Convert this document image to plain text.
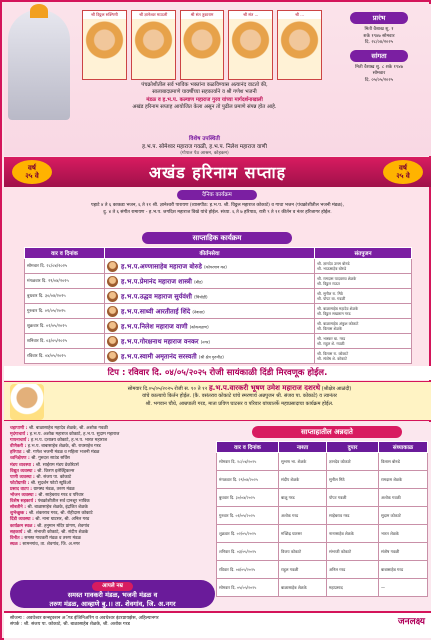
श्री विठ्ठल रुक्मिणी	श्री ज्ञानेश्वर माऊली	श्री संत तुकाराम	श्री संत ...	श्री ...
पंचक्रोशीतील सर्व भाविक भक्तांना कळविण्यास अत्यानंद वाटतो की,
सालाबादप्रमाणे यावर्षीच्या सहकार्याने व श्री गणेश भजनी
मंडळ व ह.भ.प. कल्याण महाराज गुरव यांच्या मार्गदर्शनाखाली
अखंड हरिनाम सप्ताह आयोजित केला असून तो पुढील प्रमाणे संपन्न होत आहे.
प्रारंभ
मिती वैशाख शु. १
शके १९४७ सोमवार
दि. २८/०४/२०२५
सांगता
मिती वैशाख शु. ८ शके १९४७
सोमवार
दि. ०५/०५/२०२५
विशेष उपस्थिती
ह.भ.प. सोमेश्वर महाराज गवळी, ह.भ.प. निलेश महाराज वाणी
(गोपाल पेठ आश्रम, कोहकम)
वर्ष
२५ वे	अखंड हरिनाम सप्ताह	वर्ष
२५ वे
दैनिक कार्यक्रम
पहाटे ४ ते ६ काकडा भजन, ६ ते ११ श्री. ज्ञानेश्वरी पारायण (व्यासपीठ: ह.भ.प. श्री. विठ्ठल महाराज कोकाटे) व गाथा भजन (पंचक्रोशीतील भजनी मंडळ),
दु. ४ ते ६ संगीत रामायण - ह.भ.प. जगदिश महाराज विखे यांचे होईल. संध्या. ६ ते ७ हरिपाठ, रात्री ९ ते ११ कीर्तन व नंतर हरिजागर होईल.
साप्ताहिक कार्यक्रम
वार व दिनांक	कीर्तनसेवा	संतपुजन
सोमवार दि. २८/०४/२०२५	ह.भ.प.अण्णासाहेब महाराज बोरुडे (कोपरगाव कर)	श्री. ज्ञानदेव उत्तम बोरुडे
श्री. भाऊसाहेब बोरुडे

मंगळवार दि. २९/०४/२०२५	ह.भ.प.प्रेमानंद महाराज शास्त्री (बीड)	श्री. रामदास यादवराव शेळके
श्री. विठ्ठल राऊत

बुधवार दि. ३०/०४/२०२५	ह.भ.प.उद्धव महाराज सुर्यवंशी (चिंचोडी)	श्री. सुनील रा. मिठे
श्री. पोपट बा. गवळी

गुरुवार दि. ०१/०५/२०२५	ह.भ.प.साध्वी आरतीताई शिंदे (नेवासा)	श्री. बाळासाहेब महादेव शेळके
श्री. विठ्ठल सखाराम गरड

शुक्रवार दि. ०२/०५/२०२५	ह.भ.प.निलेश महाराज वाणी (कोकमठाण)	श्री. बाळासाहेब अंकुश कोकाटे
श्री. विलास शेळके

शनिवार दि. ०३/०५/२०२५	ह.भ.प.गोरक्षनाथ महाराज वनकर (नगर)	श्री. भास्कर बा. गरड
श्री. राहुल शे. गवळी

रविवार दि. ०४/०५/२०२५	ह.भ.प.स्वामी अमृतानंद सरस्वती (श्री क्षेत्र गुरुपीठ)	श्री. विलास रा. कोकाटे
श्री. संतोष शे. कोकाटे
टिप : रविवार दि. ०४/०५/२०२५ रोजी सायंकाळी दिंडी मिरवणूक होईल.
सोमवार दि.०५/०५/२०२५ रोजी स. १० ते १२ ह.भ.प.वारकरी भूषण उमेश महाराज दशरथे (श्रीक्षेत्र आळंदी)
यांचे काल्याचे किर्तन होईल. (कै. वसंतराव कोकाटे यांचे स्मरणार्थ अन्नपुजन श्री. संजय पा. कोकाटे) व त्यानंतर
श्री. भगवान चौधे, आम्रपाली गरड, माता प्रविण घाटसर व परिवार यांच्यातर्फे महाप्रसादाचा कार्यक्रम होईल.
चहापाणी : श्री. बाळासाहेब महादेव शेळके, श्री. अशोक गवळी
मृदंगाचार्य : ह.भ.प. अशोक महाराज कोकाटे, ह.भ.प. सुदाम महाराज
गायनाचार्य : ह.भ.प. दत्तात्रय कोकाटे, ह.भ.प. भारत महाराज
वीणेकरी : ह.भ.प. बाबासाहेब शेळके, श्री. रावसाहेब गरड
हरिपाठ : श्री. गणेश भजनी मंडळ व महिला भजनी मंडळ
ध्वनिक्षेपण : श्री. गुरुदत्त साउंड सर्विस
मंडप व्यवस्था : श्री. साईराम मंडप डेकोरेटर्स
विद्युत व्यवस्था : श्री. किरण इलेक्ट्रिकल्स
पाणी व्यवस्था : श्री. संजय पा. कोकाटे
फोटोग्राफी : श्री. सुदर्शन फोटो स्टुडिओ
प्रसाद वाटप : ग्रामस्थ मंडळ, तरुण मंडळ
भोजन व्यवस्था : श्री. साहेबराव गरड व परिवार
विशेष सहकार्य : पंचक्रोशीतील सर्व दानशूर भाविक
सोबतीने : श्री. बाळासाहेब शेळके, इंद्रजित शेळके
शुभेच्छुक : श्री. शंकरराव गरड, श्री. रोहीदास कोकाटे
दिंडी व्यवस्था : श्री. नाना घाटसर, श्री. अनिल गरड
कार्यक्रम स्थळ : श्री. हनुमान मंदिर प्रांगण, शेवगांव
सहकार्य : श्री. संभाजी कोकाटे, श्री. संदीप शेळके
विनीत : समस्त गावकरी मंडळ व तरुण मंडळ
स्थळ : सामनगांव, ता. शेवगांव, जि. अ.नगर
आपले नम्र
समस्त गावकरी मंडळ, भजनी मंडळ व
तरुण मंडळ, आव्हाणे बु.।। ता. शेवगांव, जि. अ.नगर
साप्ताहातील अन्नदाते
वार व दिनांक	नाश्ता	दुपार	संध्याकाळ
सोमवार दि. २८/०४/२०२५	सुभाष भा. शेळके	ज्ञानदेव कोकाटे	विलास बोरुडे
मंगळवार दि. २९/०४/२०२५	संदीप शेळके	सुनील मिठे	रामदास शेळके
बुधवार दि. ३०/०४/२०२५	बाळू गरड	पोपट गवळी	अशोक गवळी
गुरुवार दि. ०१/०५/२०२५	अशोक गरड	साहेबराव गरड	सुदाम कोकाटे
शुक्रवार दि. ०२/०५/२०२५	मच्छिंद्र घाटसर	नानासाहेब शेळके	भारत शेळके
शनिवार दि. ०३/०५/२०२५	विजय कोकाटे	संभाजी कोकाटे	संतोष गवळी
रविवार दि. ०४/०५/२०२५	राहुल गवळी	अनिल गरड	बाबासाहेब गरड
सोमवार दि. ०५/०५/२०२५	बाळासाहेब शेळके	महाप्रसाद	—
सौजन्य : अवधेश्वर कन्स्ट्रक्शन अॅण्ड इंजिनिअरिंग व अवधेश्वर इंटरप्रायझेस, अहिल्यानगर
संपर्क : श्री. संजय पा. कोकाटे, श्री. बाळासाहेब शेळके, श्री. अशोक गरड	जनलक्ष्य
